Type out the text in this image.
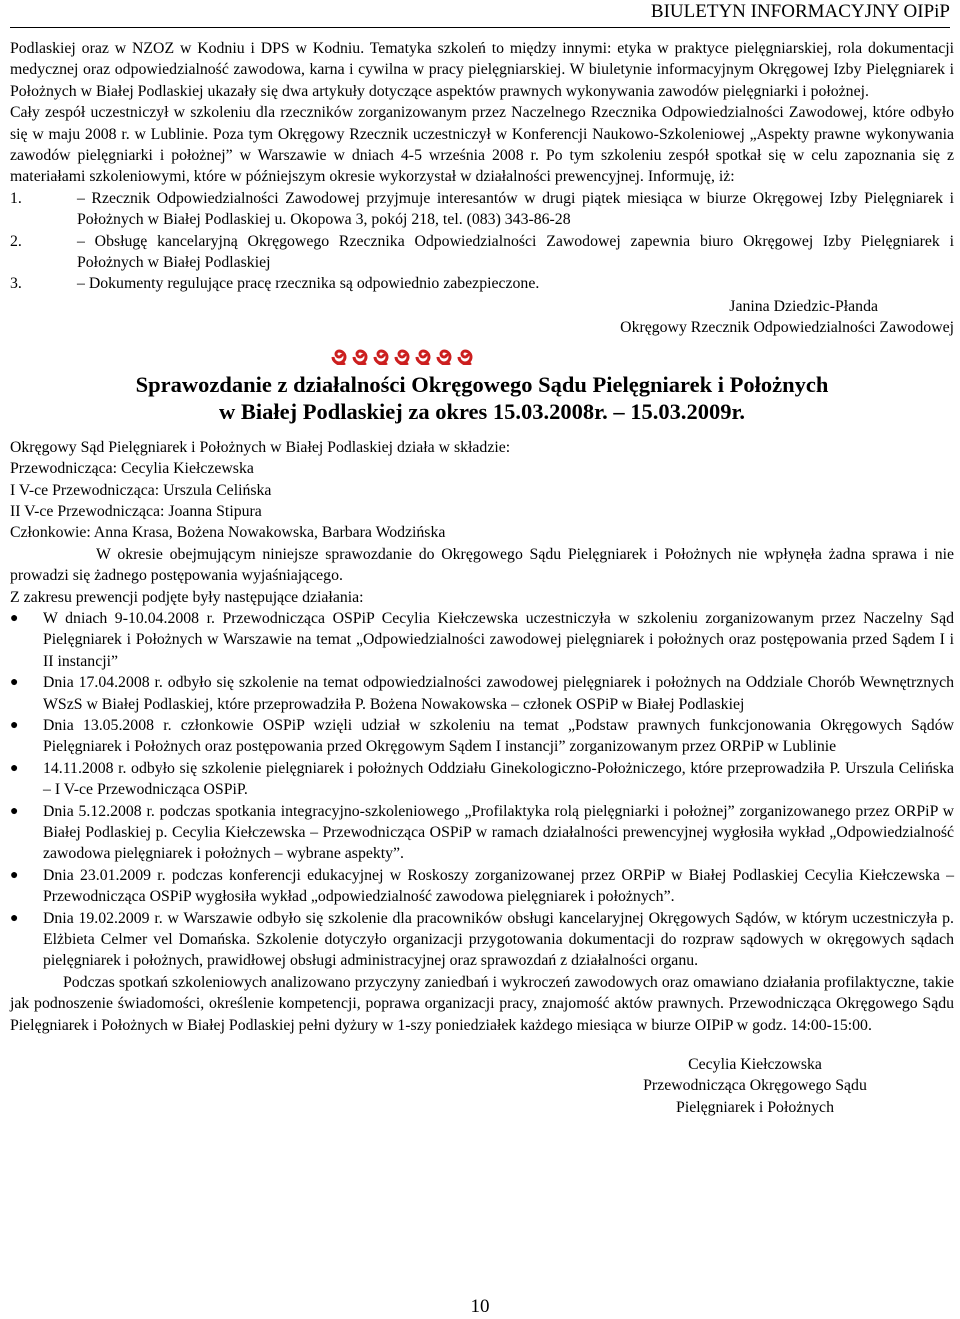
BIULETYN INFORMACYJNY OIPiP

Podlaskiej oraz w NZOZ w Kodniu i DPS w Kodniu. Tematyka szkoleń to między innymi: etyka w praktyce pielęgniarskiej, rola dokumentacji medycznej oraz odpowiedzialność zawodowa, karna i cywilna w pracy pielęgniarskiej. W biuletynie informacyjnym Okręgowej Izby Pielęgniarek i Położnych w Białej Podlaskiej ukazały się dwa artykuły dotyczące aspektów prawnych wykonywania zawodów pielęgniarki i położnej.

Cały zespół uczestniczył w szkoleniu dla rzeczników zorganizowanym przez Naczelnego Rzecznika Odpowiedzialności Zawodowej, które odbyło się w maju 2008 r. w Lublinie. Poza tym Okręgowy Rzecznik uczestniczył w Konferencji Naukowo-Szkoleniowej „Aspekty prawne wykonywania zawodów pielęgniarki i położnej” w Warszawie w dniach 4-5 września 2008 r. Po tym szkoleniu zespół spotkał się w celu zapoznania się z materiałami szkoleniowymi, które w późniejszym okresie wykorzystał w działalności prewencyjnej. Informuję, iż:

1.	– Rzecznik Odpowiedzialności Zawodowej przyjmuje interesantów w drugi piątek miesiąca w biurze Okręgowej Izby Pielęgniarek i Położnych w Białej Podlaskiej u. Okopowa 3, pokój 218, tel. (083) 343-86-28
2.	– Obsługę kancelaryjną Okręgowego Rzecznika Odpowiedzialności Zawodowej zapewnia biuro Okręgowej Izby Pielęgniarek i Położnych w Białej Podlaskiej
3.	– Dokumenty regulujące pracę rzecznika są odpowiednio zabezpieczone.
Janina Dziedzic-Płanda
Okręgowy Rzecznik Odpowiedzialności Zawodowej
Sprawozdanie z działalności Okręgowego Sądu Pielęgniarek i Położnych
w Białej Podlaskiej za okres 15.03.2008r. – 15.03.2009r.
Okręgowy Sąd Pielęgniarek i Położnych w Białej Podlaskiej działa w składzie:
Przewodnicząca: Cecylia Kiełczewska
I V-ce Przewodnicząca: Urszula Celińska
II V-ce Przewodnicząca: Joanna Stipura
Członkowie: Anna Krasa, Bożena Nowakowska, Barbara Wodzińska

W okresie obejmującym niniejsze sprawozdanie do Okręgowego Sądu Pielęgniarek i Położnych nie wpłynęła żadna sprawa i nie prowadzi się żadnego postępowania wyjaśniającego.

Z zakresu prewencji podjęte były następujące działania:
●	W dniach 9-10.04.2008 r. Przewodnicząca OSPiP Cecylia Kiełczewska uczestniczyła w szkoleniu zorganizowanym przez Naczelny Sąd Pielęgniarek i Położnych w Warszawie na temat „Odpowiedzialności zawodowej pielęgniarek i położnych oraz postępowania przed Sądem I i II instancji”
●	Dnia 17.04.2008 r. odbyło się szkolenie na temat odpowiedzialności zawodowej pielęgniarek i położnych na Oddziale Chorób Wewnętrznych WSzS w Białej Podlaskiej, które przeprowadziła P. Bożena Nowakowska – członek OSPiP w Białej Podlaskiej
●	Dnia 13.05.2008 r. członkowie OSPiP wzięli udział w szkoleniu na temat „Podstaw prawnych funkcjonowania Okręgowych Sądów Pielęgniarek i Położnych oraz postępowania przed Okręgowym Sądem I instancji” zorganizowanym przez ORPiP w Lublinie
●	14.11.2008 r. odbyło się szkolenie pielęgniarek i położnych Oddziału Ginekologiczno-Położniczego, które przeprowadziła P. Urszula Celińska – I V-ce Przewodnicząca OSPiP.
●	Dnia 5.12.2008 r. podczas spotkania integracyjno-szkoleniowego „Profilaktyka rolą pielęgniarki i położnej” zorganizowanego przez ORPiP w Białej Podlaskiej p. Cecylia Kiełczewska – Przewodnicząca OSPiP w ramach działalności prewencyjnej wygłosiła wykład „Odpowiedzialność zawodowa pielęgniarek i położnych – wybrane aspekty”.
●	Dnia 23.01.2009 r. podczas konferencji edukacyjnej w Roskoszy zorganizowanej przez ORPiP w Białej Podlaskiej Cecylia Kiełczewska –Przewodnicząca OSPiP wygłosiła wykład „odpowiedzialność zawodowa pielęgniarek i położnych”.
●	Dnia 19.02.2009 r. w Warszawie odbyło się szkolenie dla pracowników obsługi kancelaryjnej Okręgowych Sądów, w którym uczestniczyła p. Elżbieta Celmer vel Domańska. Szkolenie dotyczyło organizacji przygotowania dokumentacji do rozpraw sądowych w okręgowych sądach pielęgniarek i położnych, prawidłowej obsługi administracyjnej oraz sprawozdań z działalności organu.

Podczas spotkań szkoleniowych analizowano przyczyny zaniedbań i wykroczeń zawodowych oraz omawiano działania profilaktyczne, takie jak podnoszenie świadomości, określenie kompetencji, poprawa organizacji pracy, znajomość aktów prawnych. Przewodnicząca Okręgowego Sądu Pielęgniarek i Położnych w Białej Podlaskiej pełni dyżury w 1-szy poniedziałek każdego miesiąca w biurze OIPiP w godz. 14:00-15:00.

Cecylia Kiełczowska
Przewodnicząca Okręgowego Sądu
Pielęgniarek i Położnych
10
